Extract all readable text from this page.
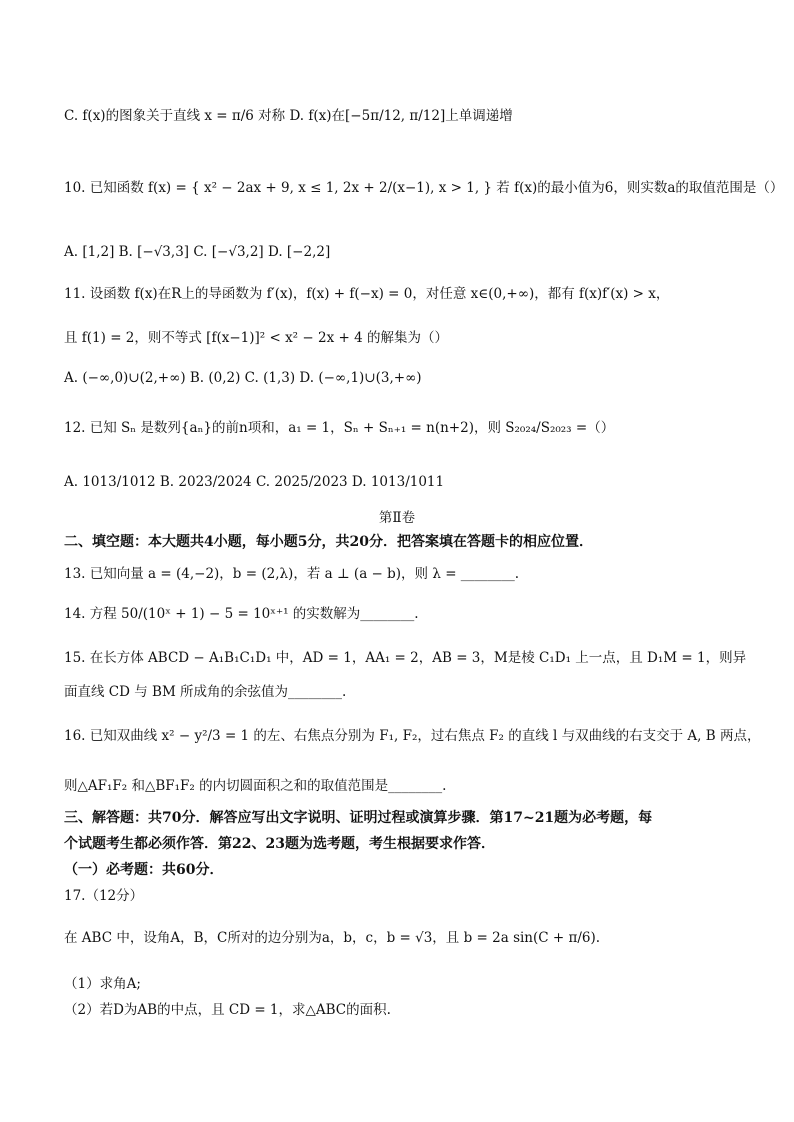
C. f(x)的图象关于直线 x = π/6 对称 D. f(x)在[−5π/12, π/12]上单调递增
10. 已知函数 f(x) = { x² − 2ax + 9, x ≤ 1, 2x + 2/(x−1), x > 1, } 若 f(x)的最小值为6，则实数a的取值范围是（）
A. [1,2] B. [−√3,3] C. [−√3,2] D. [−2,2]
11. 设函数 f(x)在R上的导函数为 f′(x)，f(x) + f(−x) = 0，对任意 x∈(0,+∞)，都有 f(x)f′(x) > x，
且 f(1) = 2，则不等式 [f(x−1)]² < x² − 2x + 4 的解集为（）
A. (−∞,0)∪(2,+∞) B. (0,2) C. (1,3) D. (−∞,1)∪(3,+∞)
12. 已知 Sₙ 是数列{aₙ}的前n项和，a₁ = 1，Sₙ + Sₙ₊₁ = n(n+2)，则 S₂₀₂₄/S₂₀₂₃ =（）
A. 1013/1012 B. 2023/2024 C. 2025/2023 D. 1013/1011
第Ⅱ卷
二、填空题：本大题共4小题，每小题5分，共20分．把答案填在答题卡的相应位置．
13. 已知向量 a = (4,−2)，b = (2,λ)，若 a ⊥ (a − b)，则 λ = ________.
14. 方程 50/(10ˣ + 1) − 5 = 10ˣ⁺¹ 的实数解为________.
15. 在长方体 ABCD − A₁B₁C₁D₁ 中，AD = 1，AA₁ = 2，AB = 3，M是棱 C₁D₁ 上一点，且 D₁M = 1，则异
面直线 CD 与 BM 所成角的余弦值为________.
16. 已知双曲线 x² − y²/3 = 1 的左、右焦点分别为 F₁, F₂，过右焦点 F₂ 的直线 l 与双曲线的右支交于 A, B 两点，
则△AF₁F₂ 和△BF₁F₂ 的内切圆面积之和的取值范围是________.
三、解答题：共70分．解答应写出文字说明、证明过程或演算步骤．第17~21题为必考题，每
个试题考生都必须作答．第22、23题为选考题，考生根据要求作答．
（一）必考题：共60分．
17.（12分）
在 ABC 中，设角A，B，C所对的边分别为a，b，c，b = √3，且 b = 2a sin(C + π/6).
（1）求角A;
（2）若D为AB的中点，且 CD = 1，求△ABC的面积.
